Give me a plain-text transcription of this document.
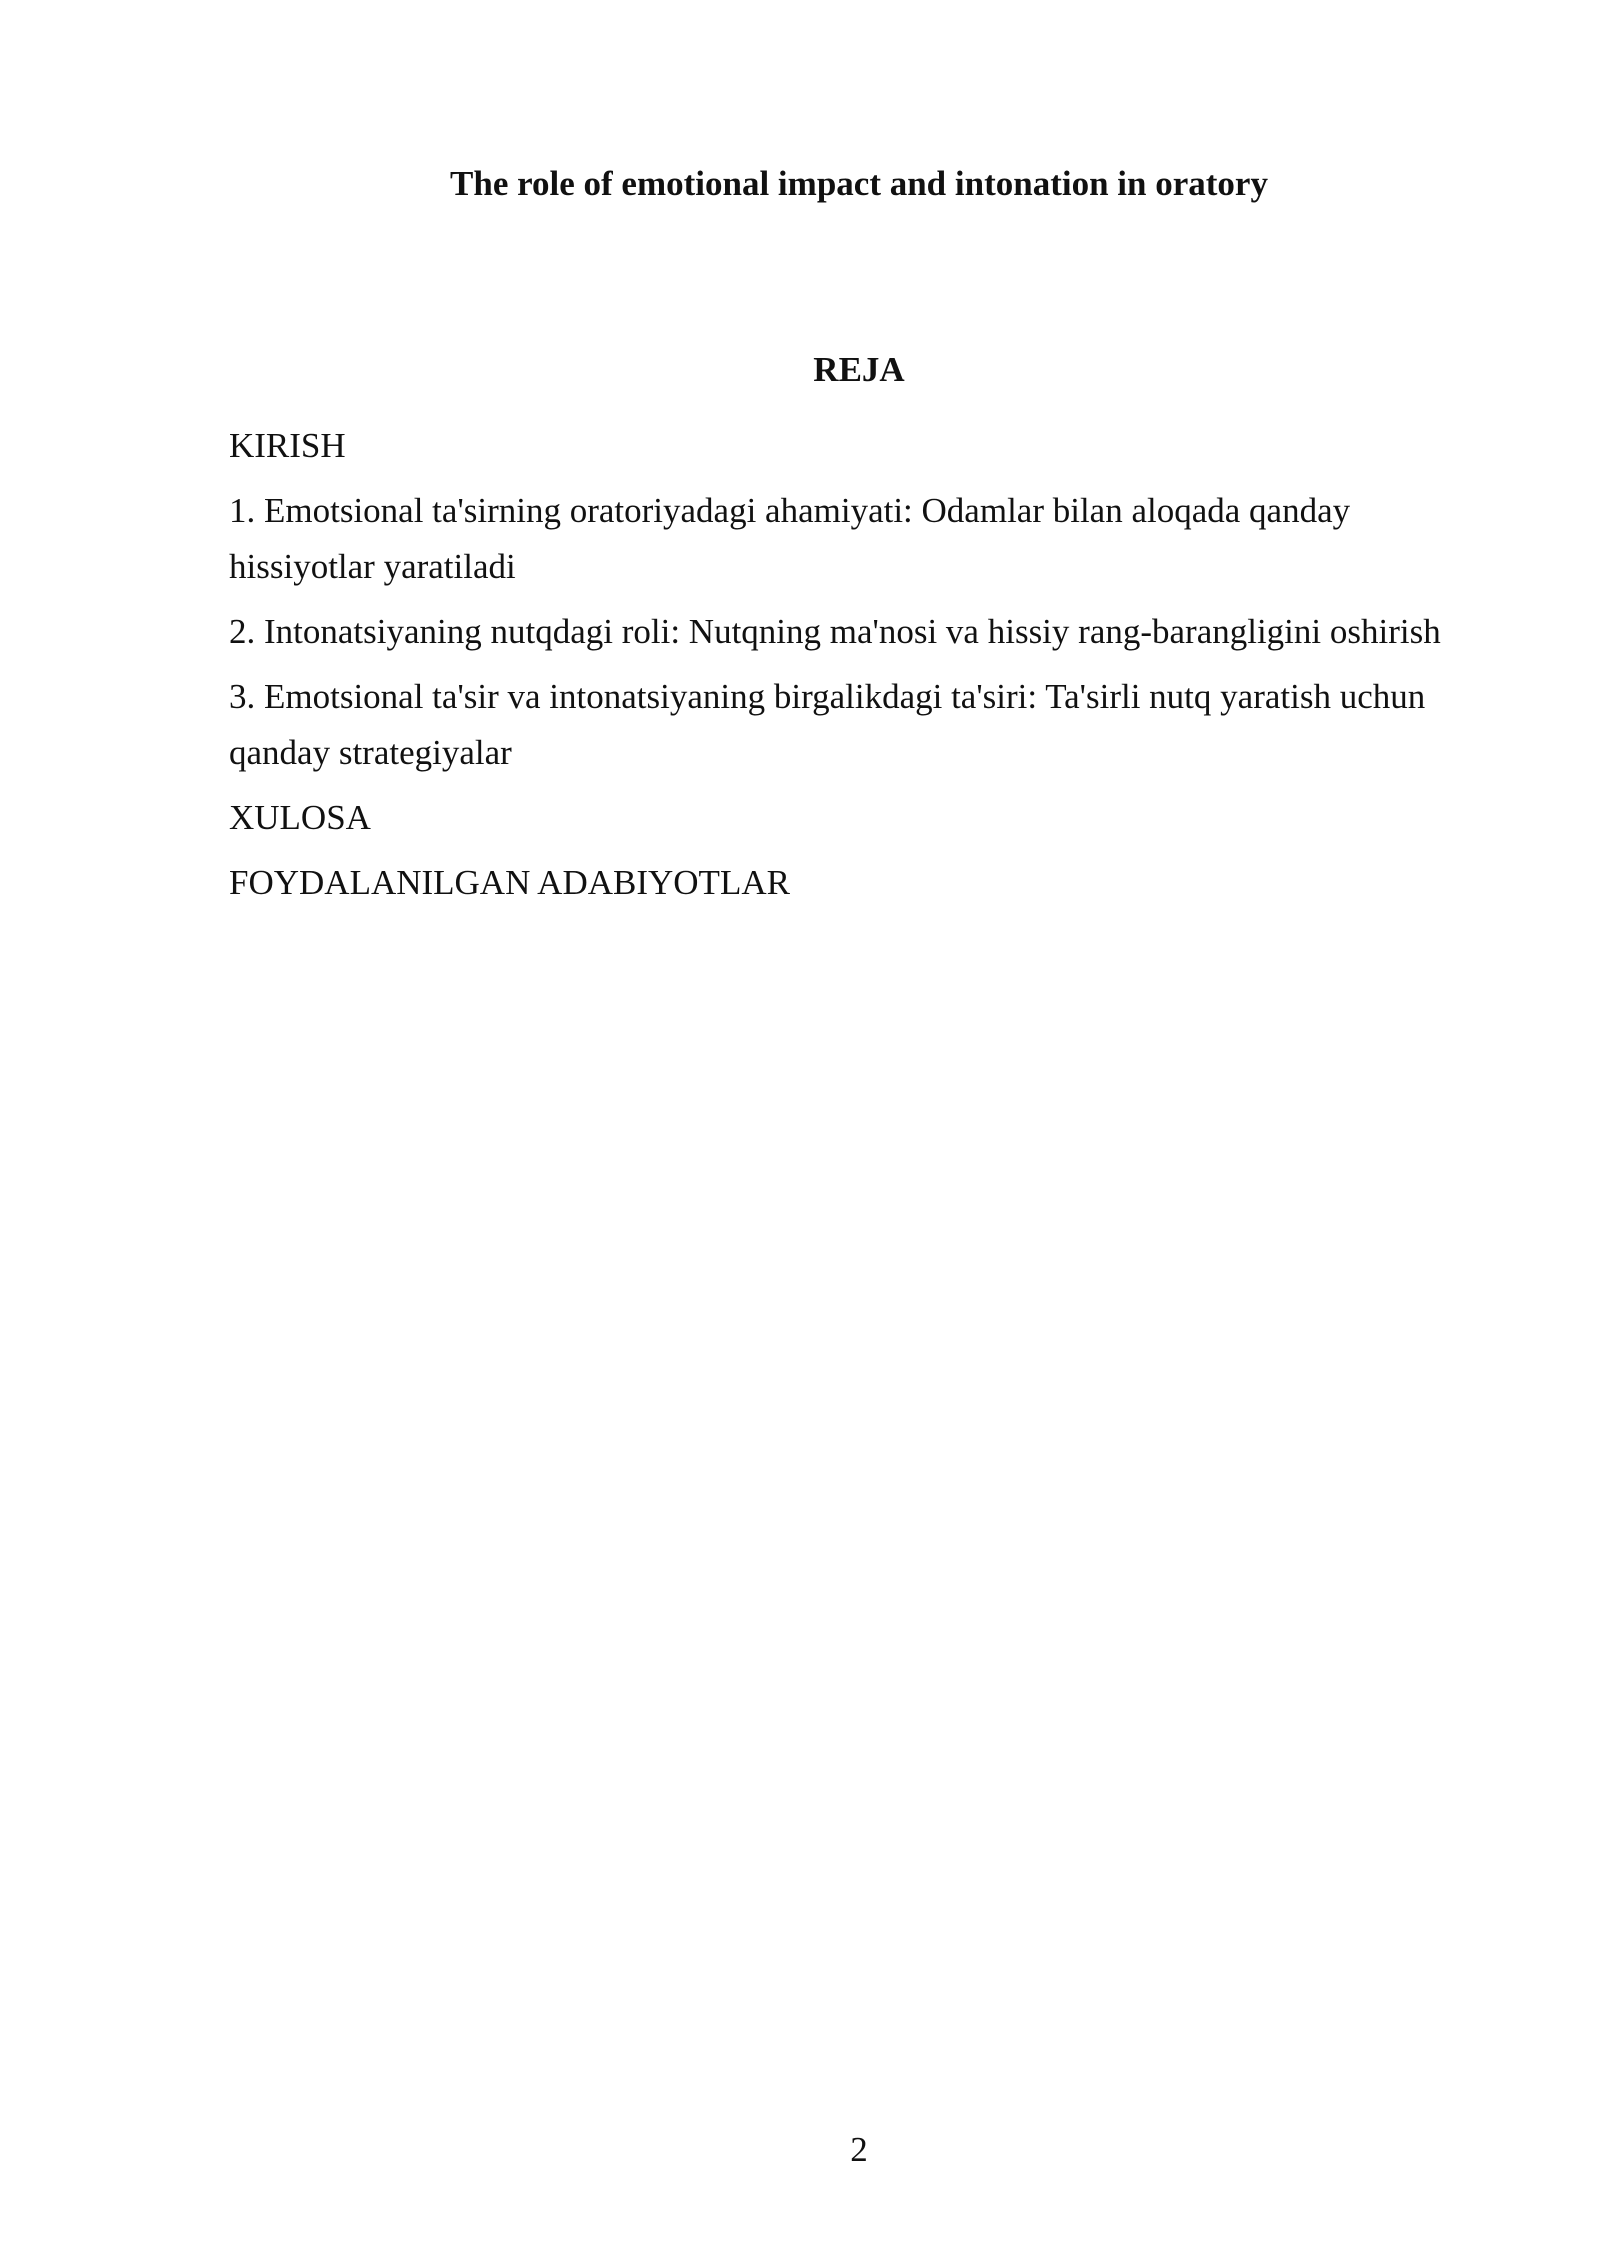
The role of emotional impact and intonation in oratory
REJA
KIRISH
1. Emotsional ta'sirning oratoriyadagi ahamiyati: Odamlar bilan aloqada qanday hissiyotlar yaratiladi
2. Intonatsiyaning nutqdagi roli: Nutqning ma'nosi va hissiy rang-barangligini oshirish
3. Emotsional ta'sir va intonatsiyaning birgalikdagi ta'siri: Ta'sirli nutq yaratish uchun qanday strategiyalar
XULOSA
FOYDALANILGAN ADABIYOTLAR
2
